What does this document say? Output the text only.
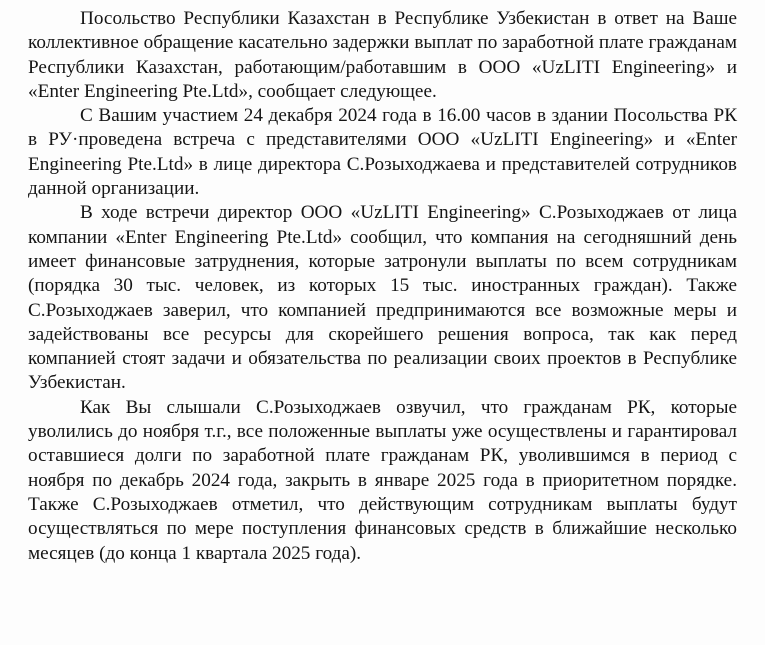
Посольство Республики Казахстан в Республике Узбекистан в ответ на Ваше коллективное обращение касательно задержки выплат по заработной плате гражданам Республики Казахстан, работающим/работавшим в ООО «UzLITI Engineering» и «Enter Engineering Pte.Ltd», сообщает следующее.

С Вашим участием 24 декабря 2024 года в 16.00 часов в здании Посольства РК в РУ·проведена встреча с представителями ООО «UzLITI Engineering» и «Enter Engineering Pte.Ltd» в лице директора С.Розыходжаева и представителей сотрудников данной организации.

В ходе встречи директор ООО «UzLITI Engineering» С.Розыходжаев от лица компании «Enter Engineering Pte.Ltd» сообщил, что компания на сегодняшний день имеет финансовые затруднения, которые затронули выплаты по всем сотрудникам (порядка 30 тыс. человек, из которых 15 тыс. иностранных граждан). Также С.Розыходжаев заверил, что компанией предпринимаются все возможные меры и задействованы все ресурсы для скорейшего решения вопроса, так как перед компанией стоят задачи и обязательства по реализации своих проектов в Республике Узбекистан.

Как Вы слышали С.Розыходжаев озвучил, что гражданам РК, которые уволились до ноября т.г., все положенные выплаты уже осуществлены и гарантировал оставшиеся долги по заработной плате гражданам РК, уволившимся в период с ноября по декабрь 2024 года, закрыть в январе 2025 года в приоритетном порядке. Также С.Розыходжаев отметил, что действующим сотрудникам выплаты будут осуществляться по мере поступления финансовых средств в ближайшие несколько месяцев (до конца 1 квартала 2025 года).
